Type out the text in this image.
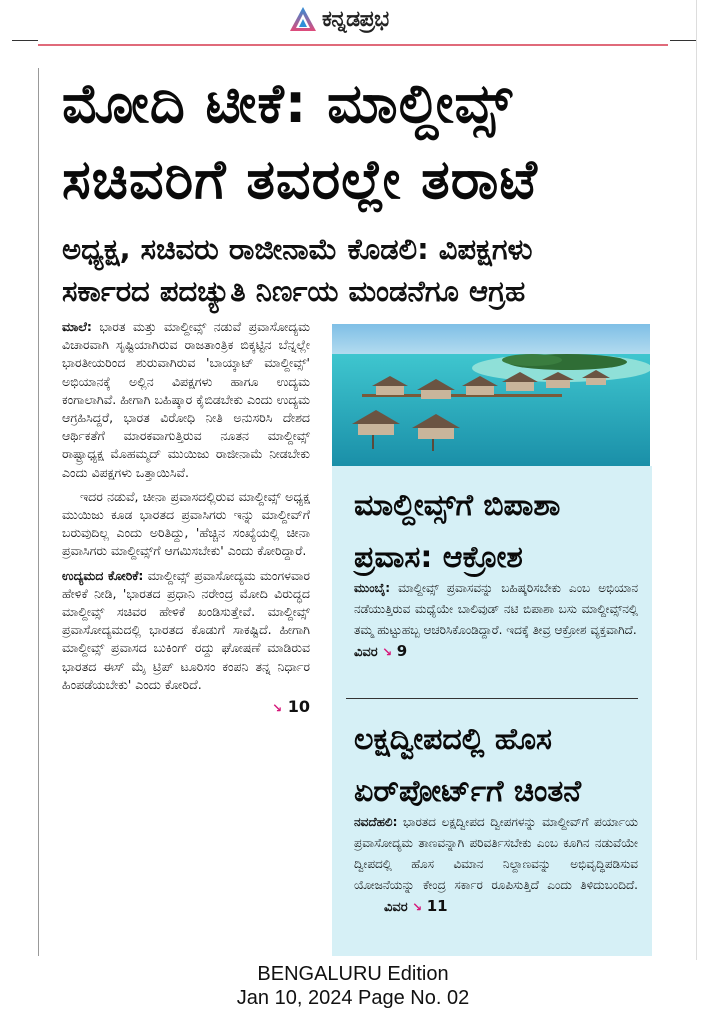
ಕನ್ನಡಪ್ರಭ
ಮೋದಿ ಟೀಕೆ: ಮಾಲ್ದೀವ್ಸ್
ಸಚಿವರಿಗೆ ತವರಲ್ಲೇ ತರಾಟೆ
ಅಧ್ಯಕ್ಷ, ಸಚಿವರು ರಾಜೀನಾಮೆ ಕೊಡಲಿ: ವಿಪಕ್ಷಗಳು
ಸರ್ಕಾರದ ಪದಚ್ಯುತಿ ನಿರ್ಣಯ ಮಂಡನೆಗೂ ಆಗ್ರಹ

ಮಾಲೆ: ಭಾರತ ಮತ್ತು ಮಾಲ್ದೀವ್ಸ್ ನಡುವೆ ಪ್ರವಾಸೋದ್ಯಮ ವಿಚಾರವಾಗಿ ಸೃಷ್ಟಿಯಾಗಿರುವ ರಾಜತಾಂತ್ರಿಕ ಬಿಕ್ಕಟ್ಟಿನ ಬೆನ್ನಲ್ಲೇ ಭಾರತೀಯರಿಂದ ಶುರುವಾಗಿರುವ 'ಬಾಯ್ಕಾಟ್ ಮಾಲ್ದೀವ್ಸ್' ಅಭಿಯಾನಕ್ಕೆ ಅಲ್ಲಿನ ವಿಪಕ್ಷಗಳು ಹಾಗೂ ಉದ್ಯಮ ಕಂಗಾಲಾಗಿವೆ. ಹೀಗಾಗಿ ಬಹಿಷ್ಕಾರ ಕೈಬಿಡಬೇಕು ಎಂದು ಉದ್ಯಮ ಆಗ್ರಹಿಸಿದ್ದರೆ, ಭಾರತ ವಿರೋಧಿ ನೀತಿ ಅನುಸರಿಸಿ ದೇಶದ ಆರ್ಥಿಕತೆಗೆ ಮಾರಕವಾಗುತ್ತಿರುವ ನೂತನ ಮಾಲ್ದೀವ್ಸ್ ರಾಷ್ಟ್ರಾಧ್ಯಕ್ಷ ಮೊಹಮ್ಮದ್ ಮುಯಿಜು ರಾಜೀನಾಮೆ ನೀಡಬೇಕು ಎಂದು ವಿಪಕ್ಷಗಳು ಒತ್ತಾಯಿಸಿವೆ.

ಇದರ ನಡುವೆ, ಚೀನಾ ಪ್ರವಾಸದಲ್ಲಿರುವ ಮಾಲ್ದೀವ್ಸ್ ಅಧ್ಯಕ್ಷ ಮುಯಿಜು ಕೂಡ ಭಾರತದ ಪ್ರವಾಸಿಗರು ಇನ್ನು ಮಾಲ್ದೀವ್‌ಗೆ ಬರುವುದಿಲ್ಲ ಎಂದು ಅರಿತಿದ್ದು, 'ಹೆಚ್ಚಿನ ಸಂಖ್ಯೆಯಲ್ಲಿ ಚೀನಾ ಪ್ರವಾಸಿಗರು ಮಾಲ್ದೀವ್ಸ್‌ಗೆ ಆಗಮಿಸಬೇಕು' ಎಂದು ಕೋರಿದ್ದಾರೆ.

ಉದ್ಯಮದ ಕೋರಿಕೆ: ಮಾಲ್ದೀವ್ಸ್ ಪ್ರವಾಸೋದ್ಯಮ ಮಂಗಳವಾರ ಹೇಳಿಕೆ ನೀಡಿ, 'ಭಾರತದ ಪ್ರಧಾನಿ ನರೇಂದ್ರ ಮೋದಿ ವಿರುದ್ಧದ ಮಾಲ್ದೀವ್ಸ್ ಸಚಿವರ ಹೇಳಿಕೆ ಖಂಡಿಸುತ್ತೇವೆ. ಮಾಲ್ದೀವ್ಸ್ ಪ್ರವಾಸೋದ್ಯಮದಲ್ಲಿ ಭಾರತದ ಕೊಡುಗೆ ಸಾಕಷ್ಟಿದೆ. ಹೀಗಾಗಿ ಮಾಲ್ದೀವ್ಸ್ ಪ್ರವಾಸದ ಬುಕಿಂಗ್ ರದ್ದು ಘೋಷಣೆ ಮಾಡಿರುವ ಭಾರತದ ಈಸ್ ಮೈ ಟ್ರಿಪ್ ಟೂರಿಸಂ ಕಂಪನಿ ತನ್ನ ನಿರ್ಧಾರ ಹಿಂಪಡೆಯಬೇಕು' ಎಂದು ಕೋರಿದೆ.

↘ 10
ಮಾಲ್ದೀವ್ಸ್‌ಗೆ ಬಿಪಾಶಾ
ಪ್ರವಾಸ: ಆಕ್ರೋಶ

ಮುಂಬೈ: ಮಾಲ್ದೀವ್ಸ್ ಪ್ರವಾಸವನ್ನು ಬಹಿಷ್ಕರಿಸಬೇಕು ಎಂಬ ಅಭಿಯಾನ ನಡೆಯುತ್ತಿರುವ ಮಧ್ಯೆಯೇ ಬಾಲಿವುಡ್ ನಟಿ ಬಿಪಾಶಾ ಬಸು ಮಾಲ್ದೀವ್ಸ್‌ನಲ್ಲಿ ತಮ್ಮ ಹುಟ್ಟುಹಬ್ಬ ಆಚರಿಸಿಕೊಂಡಿದ್ದಾರೆ. ಇದಕ್ಕೆ ತೀವ್ರ ಆಕ್ರೋಶ ವ್ಯಕ್ತವಾಗಿದೆ. ವಿವರ ↘ 9

ಲಕ್ಷದ್ವೀಪದಲ್ಲಿ ಹೊಸ
ಏರ್‌ಪೋರ್ಟ್‌ಗೆ ಚಿಂತನೆ

ನವದೆಹಲಿ: ಭಾರತದ ಲಕ್ಷದ್ವೀಪದ ದ್ವೀಪಗಳನ್ನು ಮಾಲ್ದೀವ್‌ಗೆ ಪರ್ಯಾಯ ಪ್ರವಾಸೋದ್ಯಮ ತಾಣವನ್ನಾಗಿ ಪರಿವರ್ತಿಸಬೇಕು ಎಂಬ ಕೂಗಿನ ನಡುವೆಯೇ ದ್ವೀಪದಲ್ಲಿ ಹೊಸ ವಿಮಾನ ನಿಲ್ದಾಣವನ್ನು ಅಭಿವೃದ್ಧಿಪಡಿಸುವ ಯೋಜನೆಯನ್ನು ಕೇಂದ್ರ ಸರ್ಕಾರ ರೂಪಿಸುತ್ತಿದೆ ಎಂದು ತಿಳಿದುಬಂದಿದೆ. ವಿವರ ↘ 11

BENGALURU Edition
Jan 10, 2024 Page No. 02
